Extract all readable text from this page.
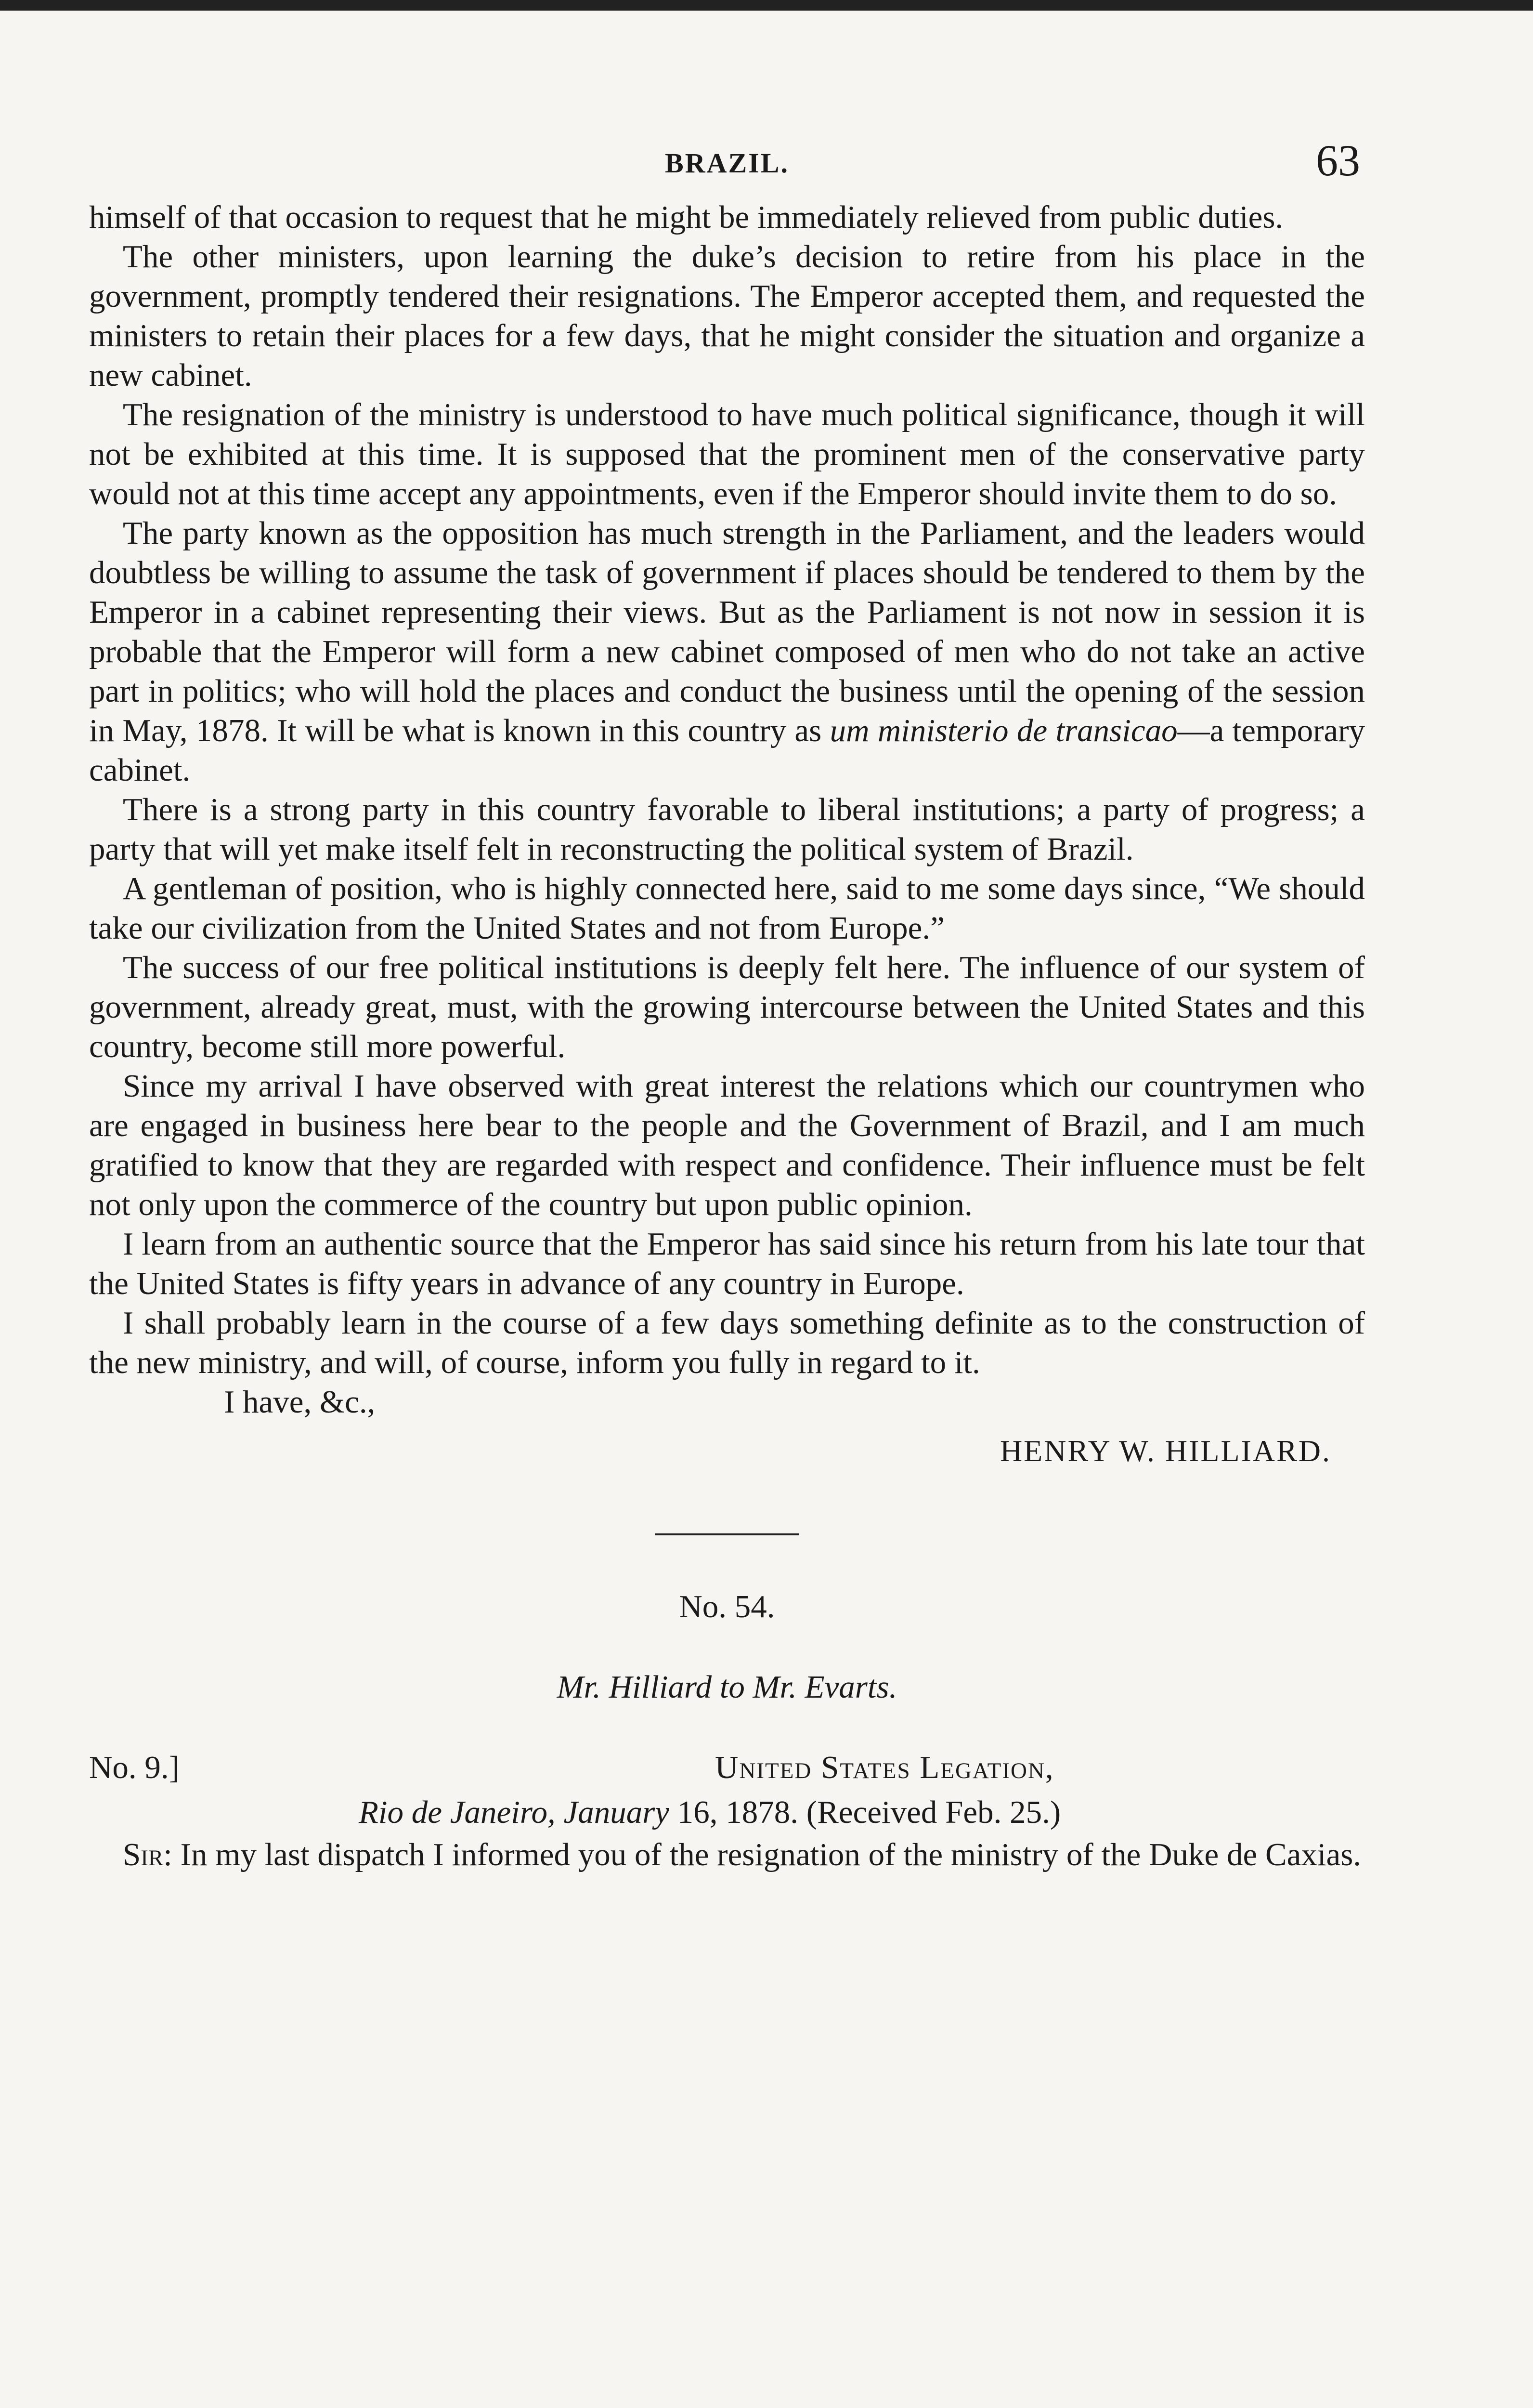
BRAZIL.	63

himself of that occasion to request that he might be immediately relieved from public duties.

The other ministers, upon learning the duke’s decision to retire from his place in the government, promptly tendered their resignations. The Emperor accepted them, and requested the ministers to retain their places for a few days, that he might consider the situation and organize a new cabinet.

The resignation of the ministry is understood to have much political significance, though it will not be exhibited at this time. It is supposed that the prominent men of the conservative party would not at this time accept any appointments, even if the Emperor should invite them to do so.

The party known as the opposition has much strength in the Parliament, and the leaders would doubtless be willing to assume the task of government if places should be tendered to them by the Emperor in a cabinet representing their views. But as the Parliament is not now in session it is probable that the Emperor will form a new cabinet composed of men who do not take an active part in politics; who will hold the places and conduct the business until the opening of the session in May, 1878. It will be what is known in this country as um ministerio de transicao—a temporary cabinet.

There is a strong party in this country favorable to liberal institutions; a party of progress; a party that will yet make itself felt in reconstructing the political system of Brazil.

A gentleman of position, who is highly connected here, said to me some days since, “We should take our civilization from the United States and not from Europe.”

The success of our free political institutions is deeply felt here. The influence of our system of government, already great, must, with the growing intercourse between the United States and this country, become still more powerful.

Since my arrival I have observed with great interest the relations which our countrymen who are engaged in business here bear to the people and the Government of Brazil, and I am much gratified to know that they are regarded with respect and confidence. Their influence must be felt not only upon the commerce of the country but upon public opinion.

I learn from an authentic source that the Emperor has said since his return from his late tour that the United States is fifty years in advance of any country in Europe.

I shall probably learn in the course of a few days something definite as to the construction of the new ministry, and will, of course, inform you fully in regard to it.

I have, &c.,
HENRY W. HILLIARD.
No. 54.
Mr. Hilliard to Mr. Evarts.
No. 9.]	United States Legation,
Rio de Janeiro, January 16, 1878. (Received Feb. 25.)

Sir: In my last dispatch I informed you of the resignation of the ministry of the Duke de Caxias.
